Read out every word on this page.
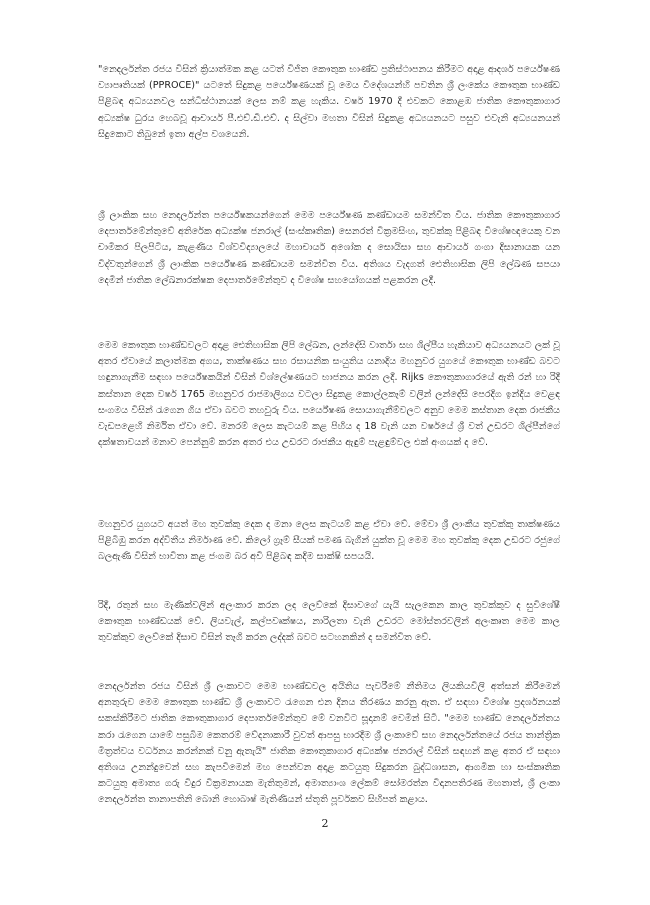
"නෙදර්ලන්ත රජය විසින් ක්‍රියාත්මක කළ යටත් විජිත කෞතුක භාණ්ඩ ප්‍රතිස්ථාපනය කිරීමට අදාළ ආදර්ශ පර්යේෂණ ව්‍යාපෘතියක් (PPROCE)" යටතේ සිදුකළ පර්යේෂණයක් වූ මෙය විදේශයන්හි පවතින ශ්‍රී ලංකේය කෞතුක භාණ්ඩ පිළිබඳ අධ්‍යයනවල සන්ධිස්ථානයක් ලෙස නම් කළ හැකිය. වර්ෂ 1970 දී එවකට කොළඹ ජාතික කෞතුකාගාර අධ්‍යක්ෂ ධුරය හෙබවූ ආචාර්ය පී.එච්.ඩී.එච්. ද සිල්වා මහතා විසින් සිදුකළ අධ්‍යයනයට පසුව එවැනි අධ්‍යයනයන් සිදුකොට තිබුනේ ඉතා අල්ප වශයෙනි.

ශ්‍රී ලාංකික සහ නෙදර්ලන්ත පර්යේෂකයන්ගෙන් මෙම පර්යේෂණ කණ්ඩායම සමන්විත විය. ජාතික කෞතුකාගාර දෙපාර්තමේන්තුවේ අතිරේක අධ්‍යක්ෂ ජනරාල් (සංස්කෘතික) සෙනරත් වික්‍රමසිංහ, තුවක්කු පිළිබඳ විශේෂඥයෙකු වන චාමිකර පිලපිටිය, කැළණිය විශ්වවිද්‍යාලයේ මහාචාර්ය අශෝක ද සොයිසා සහ ආචාර්ය ගංගා දිසානායක යන විද්වතුන්ගෙන් ශ්‍රී ලාංකික පර්යේෂණ කණ්ඩායම සමන්විත විය. අතිශය වැදගත් ඓතිහාසික ලිපි ලේඛණ සපයා දෙමින් ජාතික ලේඛනාරක්ෂක දෙපාර්තමේන්තුව ද විශේෂ සහයෝගයක් පළකරන ලදී.

මෙම කෞතුක භාණ්ඩවලට අදාළ ඓතිහාසික ලිපි ලේඛන, ලන්දේසි වාර්තා සහ ශිල්පීය හැකියාව අධ්‍යයනයට ලක් වූ අතර ඒවායේ කලාත්මක අගය, තාක්ෂණය සහ රසායනික සංයුතිය යනාදිය මහනුවර යුගයේ කෞතුක භාණ්ඩ බවට හඳුනාගැනීම සඳහා පර්යේෂකයින් විසින් විශ්ලේෂණයට භාජනය කරන ලදී. Rijks කෞතුකාගාරයේ ඇති රන් හා රිදී කස්තාන දෙක වර්ෂ 1765 මහනුවර රාජමාලිගය වටලා සිදුකළ කොල්ලකෑම් වලින් ලන්දේසි පෙරදිග ඉන්දිය වෙළඳ සංගමය විසින් රැගෙන ගිය ඒවා බවට තහවුරු විය. පර්යේෂණ සොයාගැනීම්වලට අනුව මෙම කස්තාන දෙක රාජකීය වැඩපළෙහි නිර්මිත ඒවා වේ. මනරම් ලෙස කැටයම් කළ පිහිය ද 18 වැනි යන වර්ෂයේ ශ්‍රී වත් උඩරට ශිල්පීන්ගේ දක්ෂතාවයන් මනාව පෙන්නුම් කරන අතර එය උඩරට රාජකීය ඇඳුම් පැළඳුම්වල එක් අංගයක් ද වේ.

මහනුවර යුගයට අයත් මහ තුවක්කු දෙක ද මනා ලෙස කැටයම් කළ ඒවා වේ. මේවා ශ්‍රී ලාංකීය තුවක්කු තාක්ෂණය පිළිබිඹු කරන අද්විතීය නිර්මාණ වේ. කිලෝ ග්‍රෑම් සීයක් පමණ බැගින් යුක්ත වූ මෙම මහ තුවක්කු දෙක උඩරට රජුගේ බලඇණි විසින් භාවිතා කළ ජංගම බර අවි පිළිබඳ කදිම සාක්ෂි සපයයි.

රිදී, රතුන් සහ මැණික්වලින් අලංකාර කරන ලද ලෙව්කේ දිසාවගේ යැයි සැලකෙන කාල තුවක්කුව ද සුවිශේෂී කෞතුක භාණ්ඩයක් වේ. ලියවැල්, කල්පවෘක්ෂය, නාරිලතා වැනි උඩරට මෝස්තරවලින් අලංකෘත මෙම කාල තුවක්කුව ලෙව්කේ දිසාව විසින් තෑගි කරන ලද්දක් බවට සටහනකින් ද සමන්විත වේ.

නෙදර්ලන්ත රජය විසින් ශ්‍රී ලංකාවට මෙම භාණ්ඩවල අයිතිය පැවරීමේ නීතිමය ලියකියවිලි අත්සන් කිරීමෙන් අනතුරුව මෙම කෞතුක භාණ්ඩ ශ්‍රී ලංකාවට රැගෙන එන දිනය තීරණය කරනු ඇත. ඒ සඳහා විශේෂ ප්‍රදර්ශනයක් සකස්කිරීමට ජාතික කෞතුකාගාර දෙපාර්තමේන්තුව මේ වනවිට සූදානම් වෙමින් සිටී. "මෙම භාණ්ඩ නෙදර්ලන්තය කරා රැගෙන යාමේ පසුබිම කෙතරම් වේදනාකාරී වුවත් ආපසු භාරදීම ශ්‍රී ලංකාවේ සහ නෙදර්ලන්තයේ රජය තාන්ත්‍රික මිත්‍රත්වය වර්ධනය කරන්නක් වනු ඇතැයි" ජාතික කෞතුකාගාර අධ්‍යක්ෂ ජනරාල් විසින් සඳහන් කළ අතර ඒ සඳහා අතිශය උනන්දුවෙන් සහ කැපවීමෙන් මහ පෙන්වන අදාළ කටයුතු සිදුකරන බුද්ධශාසන, ආගමික හා සංස්කෘතික කටයුතු අමාත්‍ය ගරු විදුර වික්‍රමනායක මැතිතුමන්, අමාත්‍යාංශ ලේකම් සෝමරත්න විදානපතිරණ මහතාත්, ශ්‍රී ලංකා නෙදර්ලන්ත තානාපතිනි බොනි හොබාෂ් මැතිණියන් ස්තූති පූර්වකව සිහිපත් කළාය.

2
